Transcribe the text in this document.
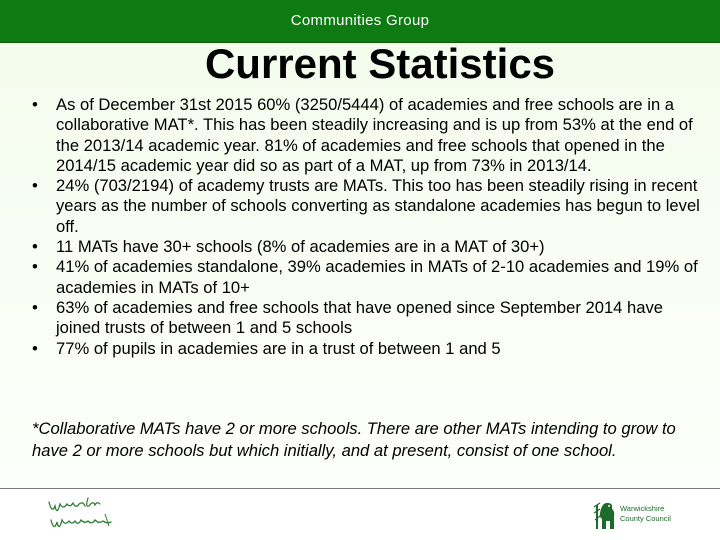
Communities Group
Current Statistics
• As of December 31st 2015 60% (3250/5444) of academies and free schools are in a collaborative MAT*. This has been steadily increasing and is up from 53% at the end of the 2013/14 academic year. 81% of academies and free schools that opened in the 2014/15 academic year did so as part of a MAT, up from 73% in 2013/14.
• 24% (703/2194) of academy trusts are MATs. This too has been steadily rising in recent years as the number of schools converting as standalone academies has begun to level off.
• 11 MATs have 30+ schools (8% of academies are in a MAT of 30+)
• 41% of academies standalone, 39% academies in MATs of 2-10 academies and 19% of academies in MATs of 10+
• 63% of academies and free schools that have opened since September 2014 have joined trusts of between 1 and 5 schools
• 77% of pupils in academies are in a trust of between 1 and 5

*Collaborative MATs have 2 or more schools. There are other MATs intending to grow to have 2 or more schools but which initially, and at present, consist of one school.

Warwickshire
County Council
